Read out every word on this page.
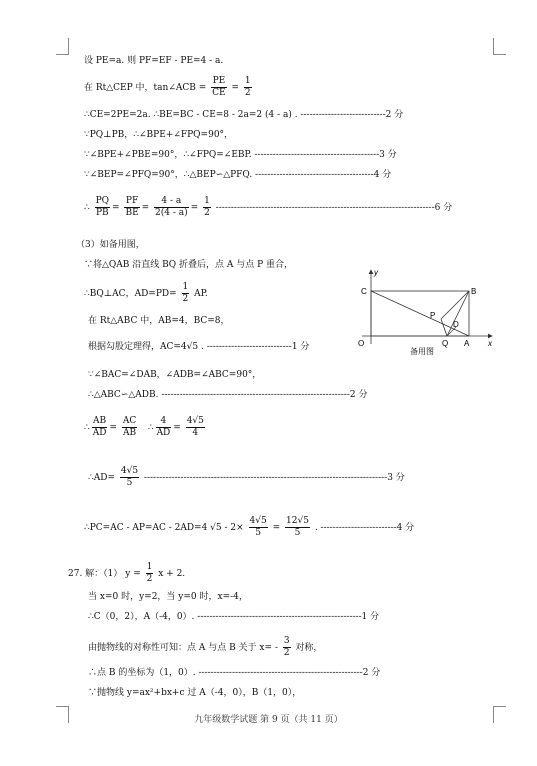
设 PE=a. 则 PF=EF - PE=4 - a.
在 Rt△CEP 中，tan∠ACB = $\frac{PE}{CE} = \frac{1}{2}$
∴CE=2PE=2a. ∴BE=BC - CE=8 - 2a=2 (4 - a) . ----------------------------2 分
∵PQ⊥PB，∴∠BPE+∠FPQ=90°，
∵∠BPE+∠PBE=90°，∴∠FPQ=∠EBP. -----------------------------------------3 分
∵∠BEP=∠PFQ=90°，∴△BEP∽△PFQ. ---------------------------------------4 分
∴ $\frac{PQ}{PB} = \frac{PF}{BE} = \frac{4 - a}{2(4 - a)} = \frac{1}{2} ------------------------------------------------------------------------6$ 分
（3）如备用图，
∵将△QAB 沿直线 BQ 折叠后，点 A 与点 P 重合，
∴BQ⊥AC，$AD=PD= \frac{1}{2}$ AP.
在 Rt△ABC 中，AB=4，BC=8，
根据勾股定理得，AC=4√5 . ----------------------------1 分
∵∠BAC=∠DAB，∠ADB=∠ABC=90°，
∴△ABC∽△ADB. --------------------------------------------------------------2 分
∴ $\frac{AB}{AD} = \frac{AC}{AB}$ ∴ $\frac{4}{AD} = \frac{4√5}{4}$
∴AD= $\frac{4√5}{5} --------------------------------------------------------------------------------3$ 分
∴PC=AC - AP=AC - 2AD=4 $√5 - 2\times \frac{4√5}{5} = \frac{12√5}{5}$ . -------------------------4 分
27. 解：（1） $y = \frac{1}{2}$ x + 2.
当 x=0 时，y=2，当 y=0 时，x=-4，
∴C（0，2），A（-4，0）. ------------------------------------------------------1 分
由抛物线的对称性可知：点 A 与点 B 关于 $x= - \frac{3}{2}$ 对称，
∴点 B 的坐标为（1，0）. ------------------------------------------------------2 分
∵抛物线 y=ax²+bx+c 过 A（-4，0），B（1，0），
y
C	B
P
D
O	Q A x
备用图
九年级数学试题 第 9 页（共 11 页）
